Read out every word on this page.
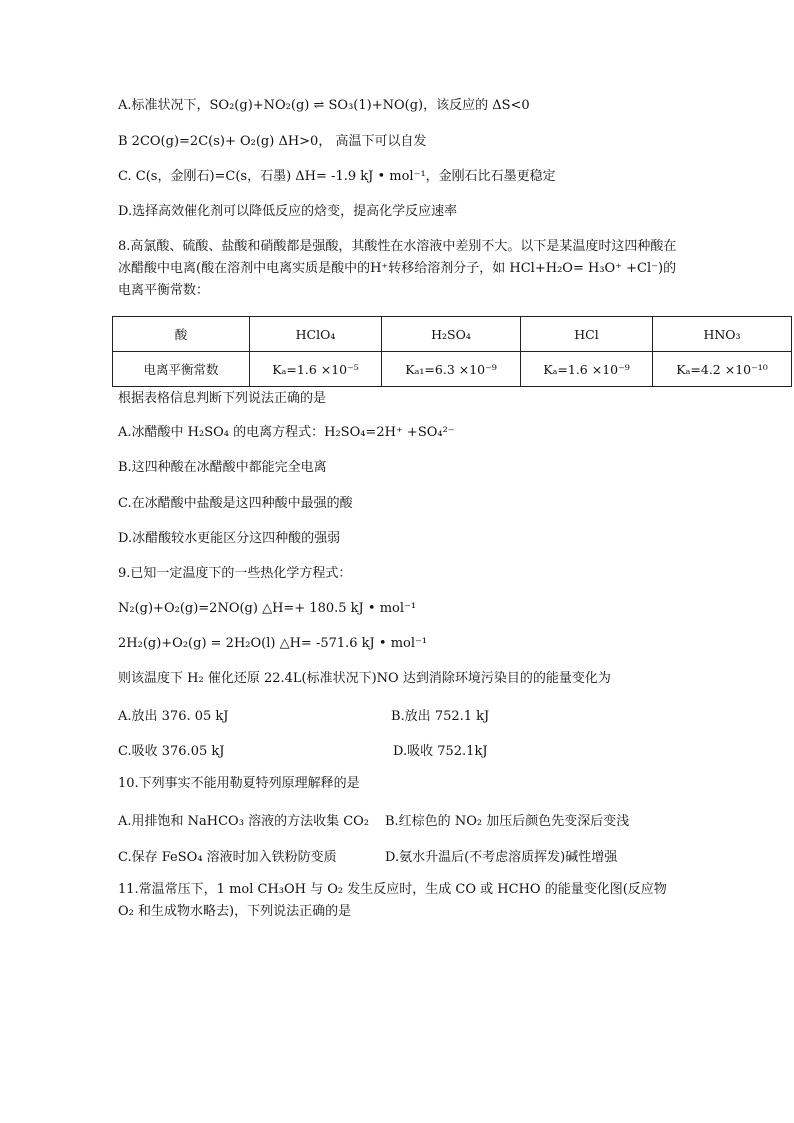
A.标准状况下，SO₂(g)+NO₂(g) ⇌ SO₃(1)+NO(g)，该反应的 ΔS<0
B 2CO(g)=2C(s)+ O₂(g) ΔH>0， 高温下可以自发
C. C(s，金刚石)=C(s，石墨) ΔH= -1.9 kJ • mol⁻¹，金刚石比石墨更稳定
D.选择高效催化剂可以降低反应的焓变，提高化学反应速率
8.高氯酸、硫酸、盐酸和硝酸都是强酸，其酸性在水溶液中差别不大。以下是某温度时这四种酸在冰醋酸中电离(酸在溶剂中电离实质是酸中的H⁺转移给溶剂分子，如 HCl+H₂O= H₃O⁺ +Cl⁻)的电离平衡常数：
酸	HClO₄	H₂SO₄	HCl	HNO₃
电离平衡常数	Kₐ=1.6 ×10⁻⁵	Kₐ₁=6.3 ×10⁻⁹	Kₐ=1.6 ×10⁻⁹	Kₐ=4.2 ×10⁻¹⁰
根据表格信息判断下列说法正确的是
A.冰醋酸中 H₂SO₄ 的电离方程式：H₂SO₄=2H⁺ +SO₄²⁻
B.这四种酸在冰醋酸中都能完全电离
C.在冰醋酸中盐酸是这四种酸中最强的酸
D.冰醋酸较水更能区分这四种酸的强弱
9.已知一定温度下的一些热化学方程式：
N₂(g)+O₂(g)=2NO(g) △H=+ 180.5 kJ • mol⁻¹
2H₂(g)+O₂(g) = 2H₂O(l) △H= -571.6 kJ • mol⁻¹
则该温度下 H₂ 催化还原 22.4L(标准状况下)NO 达到消除环境污染目的的能量变化为
A.放出 376. 05 kJ	B.放出 752.1 kJ
C.吸收 376.05 kJ	D.吸收 752.1kJ
10.下列事实不能用勒夏特列原理解释的是
A.用排饱和 NaHCO₃ 溶液的方法收集 CO₂ B.红棕色的 NO₂ 加压后颜色先变深后变浅
C.保存 FeSO₄ 溶液时加入铁粉防变质	D.氨水升温后(不考虑溶质挥发)碱性增强
11.常温常压下，1 mol CH₃OH 与 O₂ 发生反应时，生成 CO 或 HCHO 的能量变化图(反应物 O₂ 和生成物水略去)，下列说法正确的是
